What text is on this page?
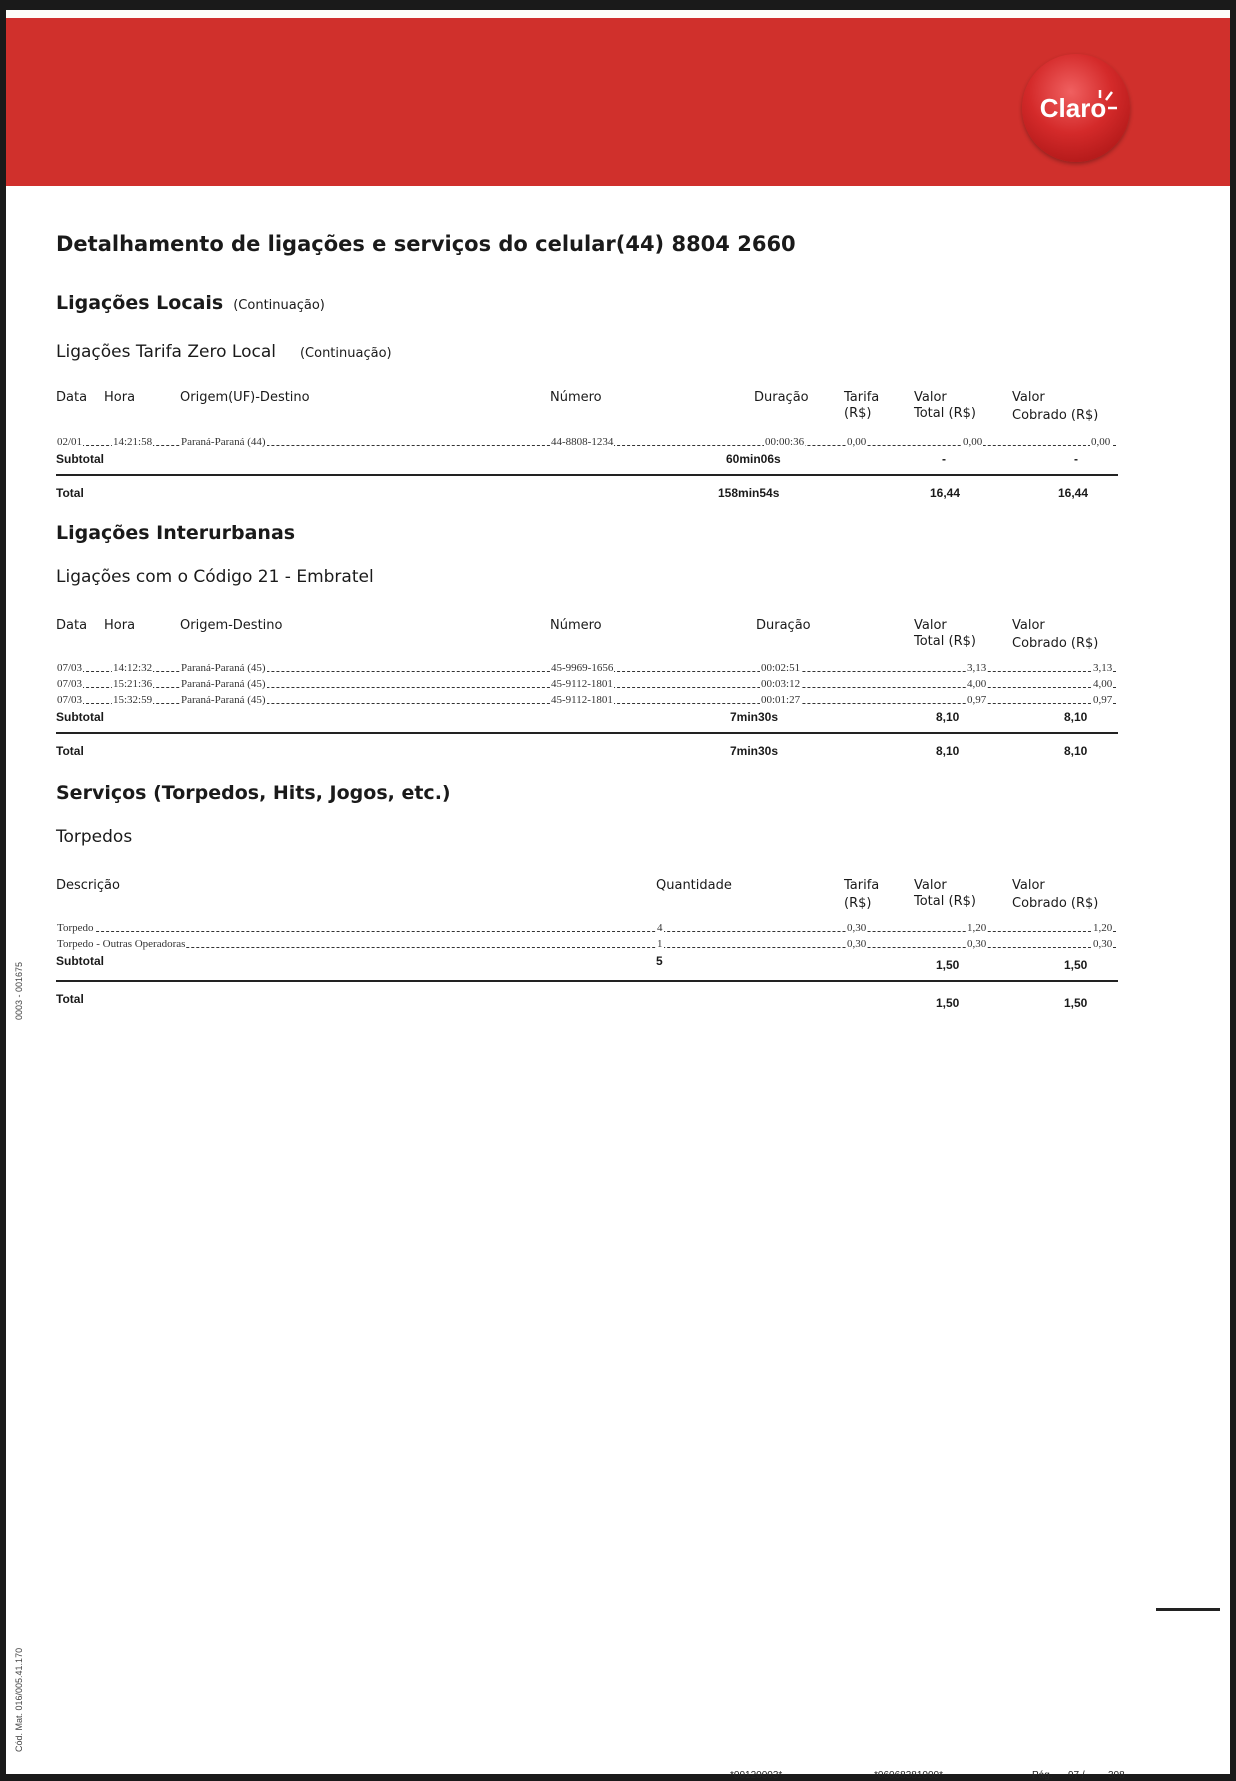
Claro
Detalhamento de ligações e serviços do celular(44) 8804 2660
Ligações Locais (Continuação)
Ligações Tarifa Zero Local (Continuação)
Data Hora	Origem(UF)-Destino	Número	Duração	Tarifa
(R$)
Valor
Total (R$)
Valor
Cobrado (R$)
02/01	14:21:58	Paraná-Paraná (44)	44-8808-1234	00:00:36	0,00	0,00	0,00
Subtotal	60min06s	-	-
Total	158min54s	16,44	16,44
Ligações Interurbanas
Ligações com o Código 21 - Embratel
Data Hora	Origem-Destino	Número	Duração	Valor
Total (R$)
Valor
Cobrado (R$)
07/03	14:12:32	Paraná-Paraná (45)	45-9969-1656	00:02:51	3,13	3,13
07/03	15:21:36	Paraná-Paraná (45)	45-9112-1801	00:03:12	4,00	4,00
07/03	15:32:59	Paraná-Paraná (45)	45-9112-1801	00:01:27	0,97	0,97
Subtotal	7min30s	8,10	8,10
Total	7min30s	8,10	8,10
Serviços (Torpedos, Hits, Jogos, etc.)
Torpedos
Descrição	Quantidade	Tarifa
(R$)
Valor
Total (R$)
Valor
Cobrado (R$)
Torpedo	4	0,30	1,20	1,20
Torpedo - Outras Operadoras	1	0,30	0,30	0,30
Subtotal	5	1,50	1,50
Total	1,50	1,50
0003 - 001675
Cód. Mat. 016/005.41.170
*00120003*	*06068381000*	Pág. 97 / 308
